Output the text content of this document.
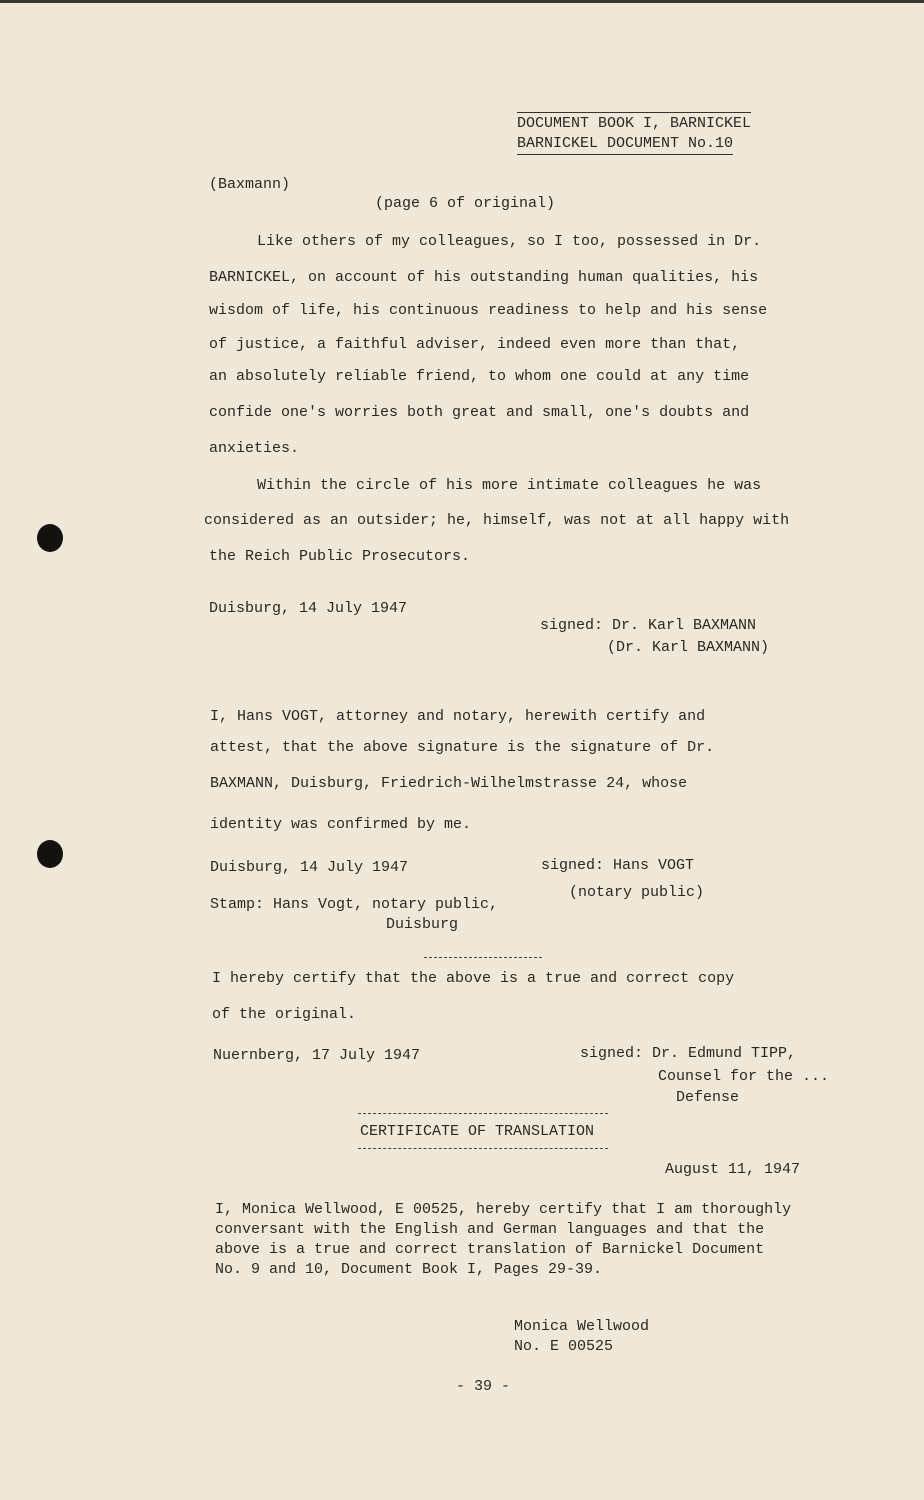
DOCUMENT BOOK I, BARNICKEL
BARNICKEL DOCUMENT No.10
(Baxmann)
(page 6 of original)
Like others of my colleagues, so I too, possessed in Dr.
BARNICKEL, on account of his outstanding human qualities, his
wisdom of life, his continuous readiness to help and his sense
of justice, a faithful adviser, indeed even more than that,
an absolutely reliable friend, to whom one could at any time
confide one's worries both great and small, one's doubts and
anxieties.
Within the circle of his more intimate colleagues he was
considered as an outsider; he, himself, was not at all happy with
the Reich Public Prosecutors.
Duisburg, 14 July 1947
signed: Dr. Karl BAXMANN
(Dr. Karl BAXMANN)
I, Hans VOGT, attorney and notary, herewith certify and
attest, that the above signature is the signature of Dr.
BAXMANN, Duisburg, Friedrich-Wilhelmstrasse 24, whose
identity was confirmed by me.
Duisburg, 14 July 1947	signed: Hans VOGT
(notary public)
Stamp: Hans Vogt, notary public,
Duisburg
I hereby certify that the above is a true and correct copy
of the original.
Nuernberg, 17 July 1947	signed: Dr. Edmund TIPP,
Counsel for the ...
Defense
CERTIFICATE OF TRANSLATION
August 11, 1947
I, Monica Wellwood, E 00525, hereby certify that I am thoroughly
conversant with the English and German languages and that the
above is a true and correct translation of Barnickel Document
No. 9 and 10, Document Book I, Pages 29-39.
Monica Wellwood
No. E 00525
- 39 -
